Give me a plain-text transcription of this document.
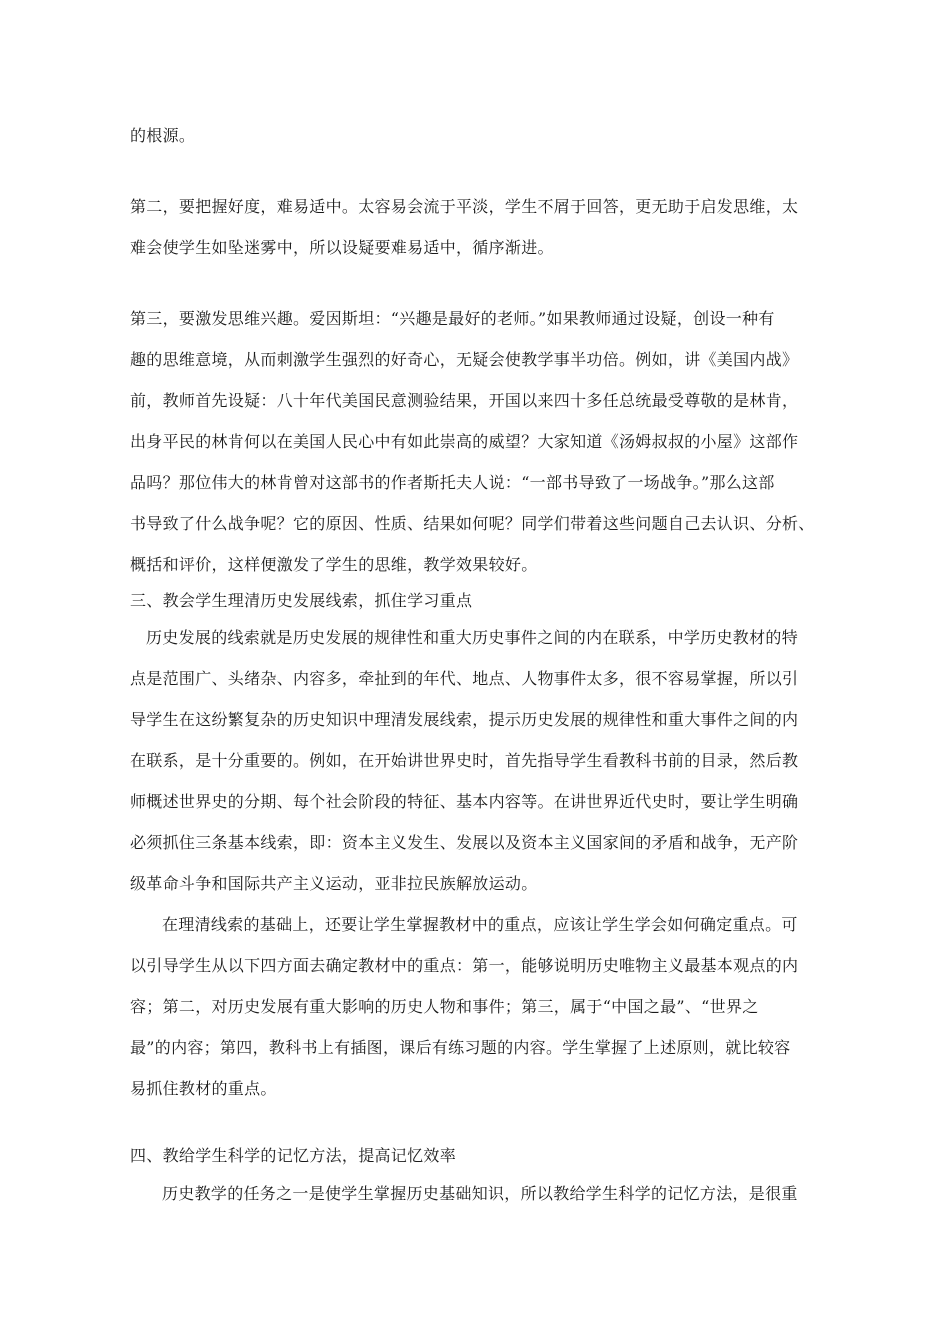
的根源。
第二，要把握好度，难易适中。太容易会流于平淡，学生不屑于回答，更无助于启发思维，太
难会使学生如坠迷雾中，所以设疑要难易适中，循序渐进。
第三，要激发思维兴趣。爱因斯坦：“兴趣是最好的老师。”如果教师通过设疑，创设一种有
趣的思维意境，从而刺激学生强烈的好奇心，无疑会使教学事半功倍。例如，讲《美国内战》
前，教师首先设疑：八十年代美国民意测验结果，开国以来四十多任总统最受尊敬的是林肯，
出身平民的林肯何以在美国人民心中有如此崇高的威望？大家知道《汤姆叔叔的小屋》这部作
品吗？那位伟大的林肯曾对这部书的作者斯托夫人说：“一部书导致了一场战争。”那么这部
书导致了什么战争呢？它的原因、性质、结果如何呢？同学们带着这些问题自己去认识、分析、
概括和评价，这样便激发了学生的思维，教学效果较好。
三、教会学生理清历史发展线索，抓住学习重点
历史发展的线索就是历史发展的规律性和重大历史事件之间的内在联系，中学历史教材的特
点是范围广、头绪杂、内容多，牵扯到的年代、地点、人物事件太多，很不容易掌握，所以引
导学生在这纷繁复杂的历史知识中理清发展线索，提示历史发展的规律性和重大事件之间的内
在联系，是十分重要的。例如，在开始讲世界史时，首先指导学生看教科书前的目录，然后教
师概述世界史的分期、每个社会阶段的特征、基本内容等。在讲世界近代史时，要让学生明确
必须抓住三条基本线索，即：资本主义发生、发展以及资本主义国家间的矛盾和战争，无产阶
级革命斗争和国际共产主义运动，亚非拉民族解放运动。
在理清线索的基础上，还要让学生掌握教材中的重点，应该让学生学会如何确定重点。可
以引导学生从以下四方面去确定教材中的重点：第一，能够说明历史唯物主义最基本观点的内
容；第二，对历史发展有重大影响的历史人物和事件；第三，属于“中国之最”、“世界之
最”的内容；第四，教科书上有插图，课后有练习题的内容。学生掌握了上述原则，就比较容
易抓住教材的重点。
四、教给学生科学的记忆方法，提高记忆效率
历史教学的任务之一是使学生掌握历史基础知识，所以教给学生科学的记忆方法，是很重
